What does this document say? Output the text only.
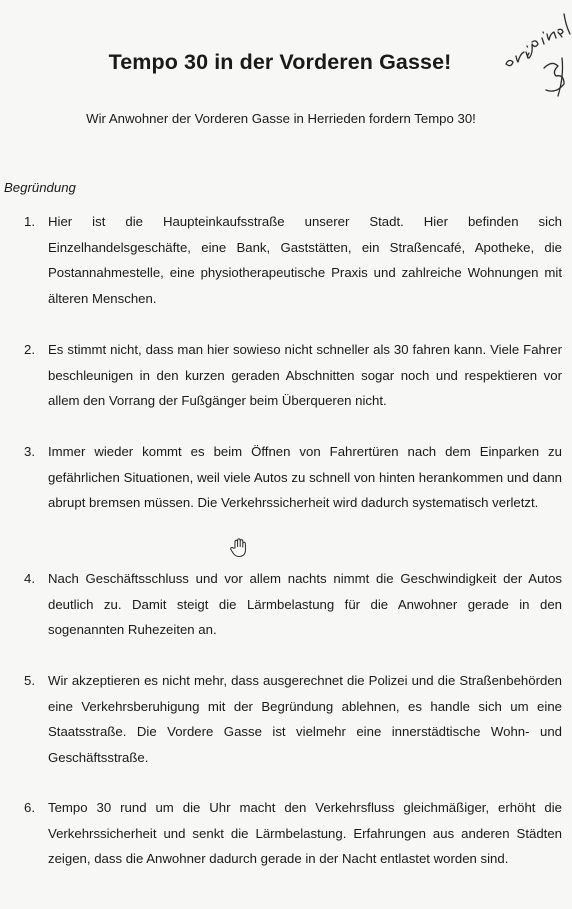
Tempo 30 in der Vorderen Gasse!
Wir Anwohner der Vorderen Gasse in Herrieden fordern Tempo 30!
Begründung
1. Hier ist die Haupteinkaufsstraße unserer Stadt. Hier befinden sich Einzelhandelsgeschäfte, eine Bank, Gaststätten, ein Straßencafé, Apotheke, die Postannahmestelle, eine physiotherapeutische Praxis und zahlreiche Wohnungen mit älteren Menschen.
2. Es stimmt nicht, dass man hier sowieso nicht schneller als 30 fahren kann. Viele Fahrer beschleunigen in den kurzen geraden Abschnitten sogar noch und respektieren vor allem den Vorrang der Fußgänger beim Überqueren nicht.
3. Immer wieder kommt es beim Öffnen von Fahrertüren nach dem Einparken zu gefährlichen Situationen, weil viele Autos zu schnell von hinten herankommen und dann abrupt bremsen müssen. Die Verkehrssicherheit wird dadurch systematisch verletzt.
4. Nach Geschäftsschluss und vor allem nachts nimmt die Geschwindigkeit der Autos deutlich zu. Damit steigt die Lärmbelastung für die Anwohner gerade in den sogenannten Ruhezeiten an.
5. Wir akzeptieren es nicht mehr, dass ausgerechnet die Polizei und die Straßenbehörden eine Verkehrsberuhigung mit der Begründung ablehnen, es handle sich um eine Staatsstraße. Die Vordere Gasse ist vielmehr eine innerstädtische Wohn- und Geschäftsstraße.
6. Tempo 30 rund um die Uhr macht den Verkehrsfluss gleichmäßiger, erhöht die Verkehrssicherheit und senkt die Lärmbelastung. Erfahrungen aus anderen Städten zeigen, dass die Anwohner dadurch gerade in der Nacht entlastet worden sind.
